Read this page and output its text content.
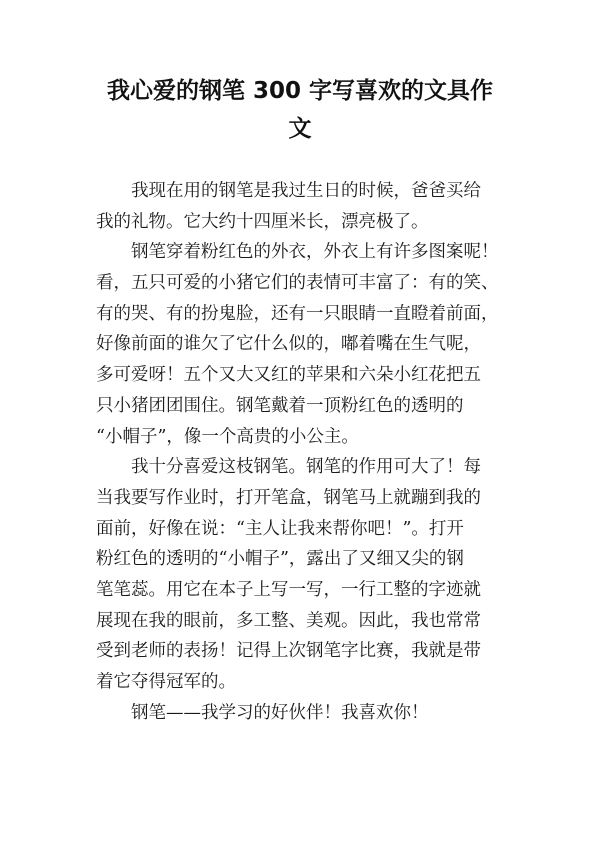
我心爱的钢笔 300 字写喜欢的文具作
文
我现在用的钢笔是我过生日的时候，爸爸买给
我的礼物。它大约十四厘米长，漂亮极了。
钢笔穿着粉红色的外衣，外衣上有许多图案呢！
看，五只可爱的小猪它们的表情可丰富了：有的笑、
有的哭、有的扮鬼脸，还有一只眼睛一直瞪着前面，
好像前面的谁欠了它什么似的，嘟着嘴在生气呢，
多可爱呀！五个又大又红的苹果和六朵小红花把五
只小猪团团围住。钢笔戴着一顶粉红色的透明的
“小帽子”，像一个高贵的小公主。
我十分喜爱这枝钢笔。钢笔的作用可大了！每
当我要写作业时，打开笔盒，钢笔马上就蹦到我的
面前，好像在说：“主人让我来帮你吧！”。打开
粉红色的透明的“小帽子”，露出了又细又尖的钢
笔笔蕊。用它在本子上写一写，一行工整的字迹就
展现在我的眼前，多工整、美观。因此，我也常常
受到老师的表扬！记得上次钢笔字比赛，我就是带
着它夺得冠军的。
钢笔——我学习的好伙伴！我喜欢你！
